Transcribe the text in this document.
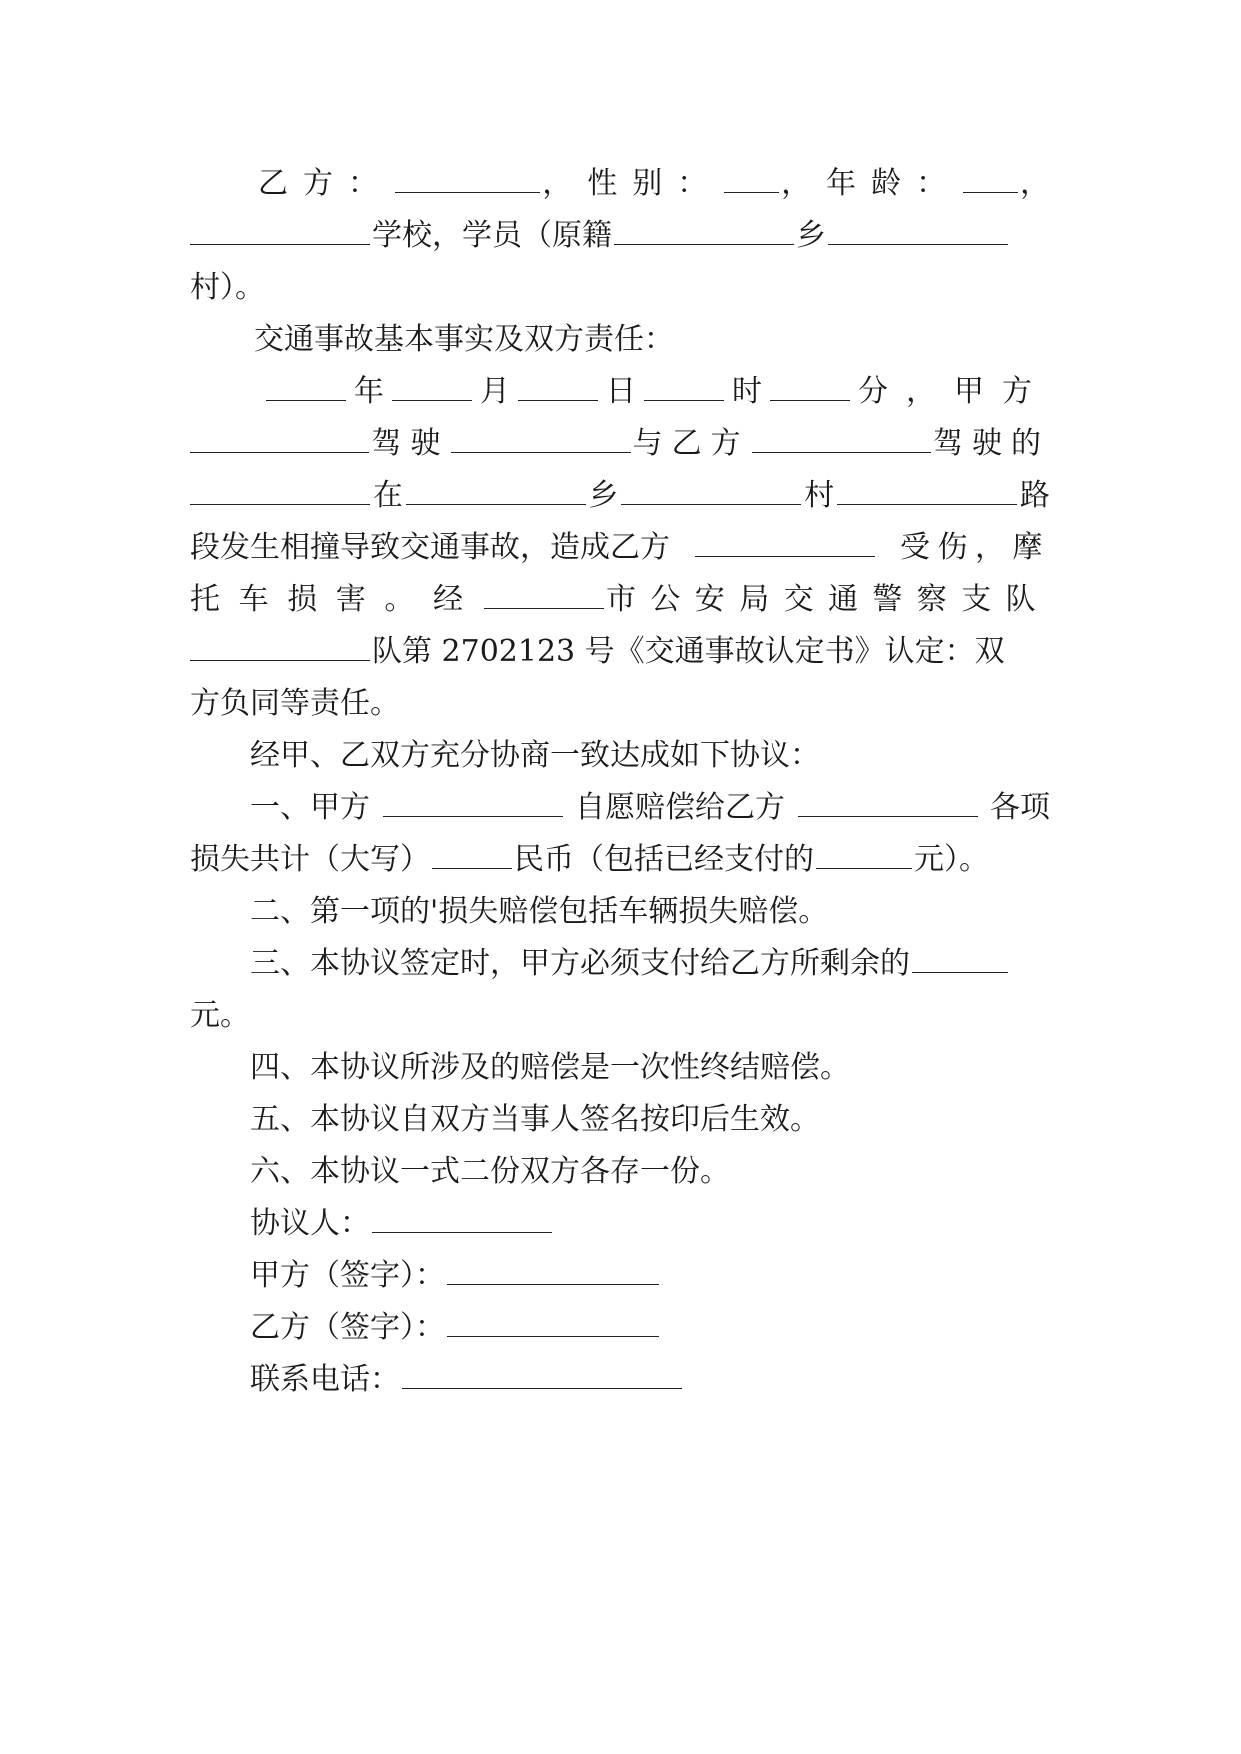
乙方：	，性别： ，年龄： ，
学校，学员（原籍	乡
村）。
交通事故基本事实及双方责任：
年	月	日	时	分，甲方
驾驶	与乙方	驾驶的
在	乡	村	路
段发生相撞导致交通事故，造成乙方	受伤，摩
托车损害。经	市公安局交通警察支队
队第 2702123 号《交通事故认定书》认定：双
方负同等责任。
经甲、乙双方充分协商一致达成如下协议：
一、甲方	自愿赔偿给乙方	各项
损失共计（大写）	民币（包括已经支付的	元）。
二、第一项的'损失赔偿包括车辆损失赔偿。
三、本协议签定时，甲方必须支付给乙方所剩余的
元。
四、本协议所涉及的赔偿是一次性终结赔偿。
五、本协议自双方当事人签名按印后生效。
六、本协议一式二份双方各存一份。
协议人：
甲方（签字）：
乙方（签字）：
联系电话：
